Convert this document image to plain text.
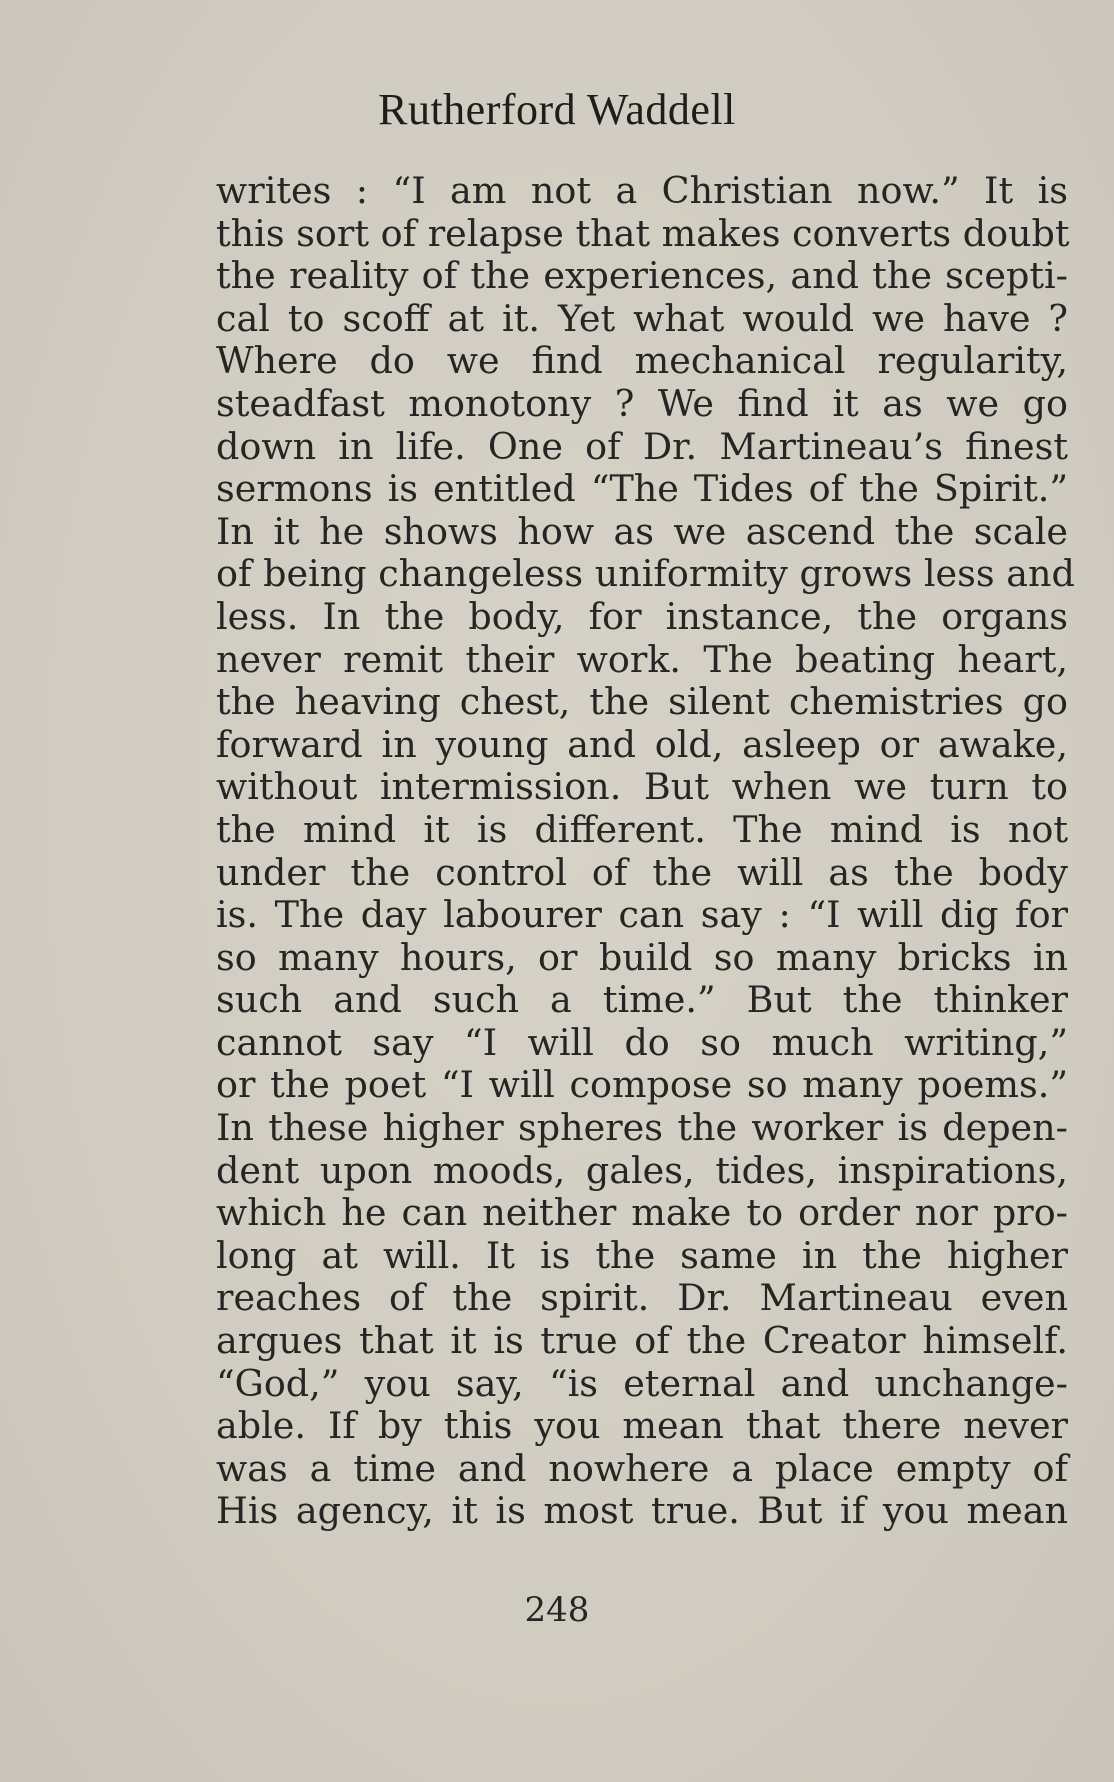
Rutherford Waddell
writes : “I am not a Christian now.” It is
this sort of relapse that makes converts doubt
the reality of the experiences, and the scepti-
cal to scoff at it. Yet what would we have ?
Where do we find mechanical regularity,
steadfast monotony ? We find it as we go
down in life. One of Dr. Martineau’s finest
sermons is entitled “The Tides of the Spirit.”
In it he shows how as we ascend the scale
of being changeless uniformity grows less and
less. In the body, for instance, the organs
never remit their work. The beating heart,
the heaving chest, the silent chemistries go
forward in young and old, asleep or awake,
without intermission. But when we turn to
the mind it is different. The mind is not
under the control of the will as the body
is. The day labourer can say : “I will dig for
so many hours, or build so many bricks in
such and such a time.” But the thinker
cannot say “I will do so much writing,”
or the poet “I will compose so many poems.”
In these higher spheres the worker is depen-
dent upon moods, gales, tides, inspirations,
which he can neither make to order nor pro-
long at will. It is the same in the higher
reaches of the spirit. Dr. Martineau even
argues that it is true of the Creator himself.
“God,” you say, “is eternal and unchange-
able. If by this you mean that there never
was a time and nowhere a place empty of
His agency, it is most true. But if you mean
248
